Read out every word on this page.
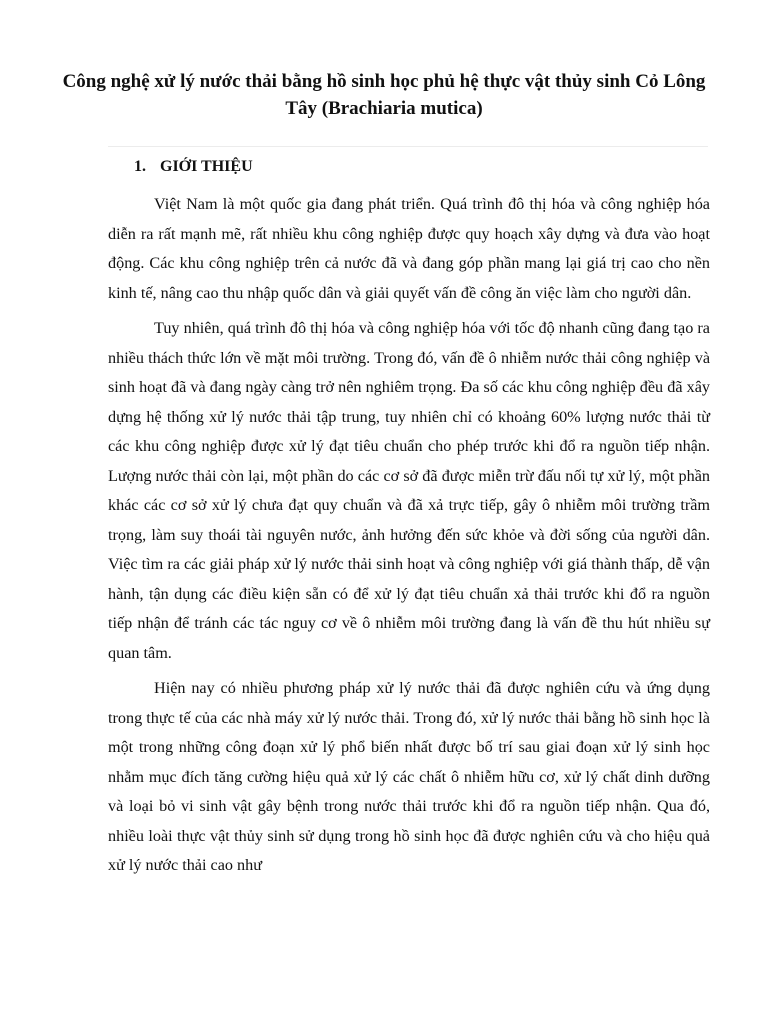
Công nghệ xử lý nước thải bằng hồ sinh học phủ hệ thực vật thủy sinh Cỏ Lông Tây (Brachiaria mutica)
1. GIỚI THIỆU

Việt Nam là một quốc gia đang phát triển. Quá trình đô thị hóa và công nghiệp hóa diễn ra rất mạnh mẽ, rất nhiều khu công nghiệp được quy hoạch xây dựng và đưa vào hoạt động. Các khu công nghiệp trên cả nước đã và đang góp phần mang lại giá trị cao cho nền kinh tế, nâng cao thu nhập quốc dân và giải quyết vấn đề công ăn việc làm cho người dân.

Tuy nhiên, quá trình đô thị hóa và công nghiệp hóa với tốc độ nhanh cũng đang tạo ra nhiều thách thức lớn về mặt môi trường. Trong đó, vấn đề ô nhiễm nước thải công nghiệp và sinh hoạt đã và đang ngày càng trở nên nghiêm trọng. Đa số các khu công nghiệp đều đã xây dựng hệ thống xử lý nước thải tập trung, tuy nhiên chỉ có khoảng 60% lượng nước thải từ các khu công nghiệp được xử lý đạt tiêu chuẩn cho phép trước khi đổ ra nguồn tiếp nhận. Lượng nước thải còn lại, một phần do các cơ sở đã được miễn trừ đấu nối tự xử lý, một phần khác các cơ sở xử lý chưa đạt quy chuẩn và đã xả trực tiếp, gây ô nhiễm môi trường trầm trọng, làm suy thoái tài nguyên nước, ảnh hưởng đến sức khỏe và đời sống của người dân. Việc tìm ra các giải pháp xử lý nước thải sinh hoạt và công nghiệp với giá thành thấp, dễ vận hành, tận dụng các điều kiện sẵn có để xử lý đạt tiêu chuẩn xả thải trước khi đổ ra nguồn tiếp nhận để tránh các tác nguy cơ về ô nhiễm môi trường đang là vấn đề thu hút nhiều sự quan tâm.

Hiện nay có nhiều phương pháp xử lý nước thải đã được nghiên cứu và ứng dụng trong thực tế của các nhà máy xử lý nước thải. Trong đó, xử lý nước thải bằng hồ sinh học là một trong những công đoạn xử lý phổ biến nhất được bố trí sau giai đoạn xử lý sinh học nhằm mục đích tăng cường hiệu quả xử lý các chất ô nhiễm hữu cơ, xử lý chất dinh dưỡng và loại bỏ vi sinh vật gây bệnh trong nước thải trước khi đổ ra nguồn tiếp nhận. Qua đó, nhiều loài thực vật thủy sinh sử dụng trong hồ sinh học đã được nghiên cứu và cho hiệu quả xử lý nước thải cao như
